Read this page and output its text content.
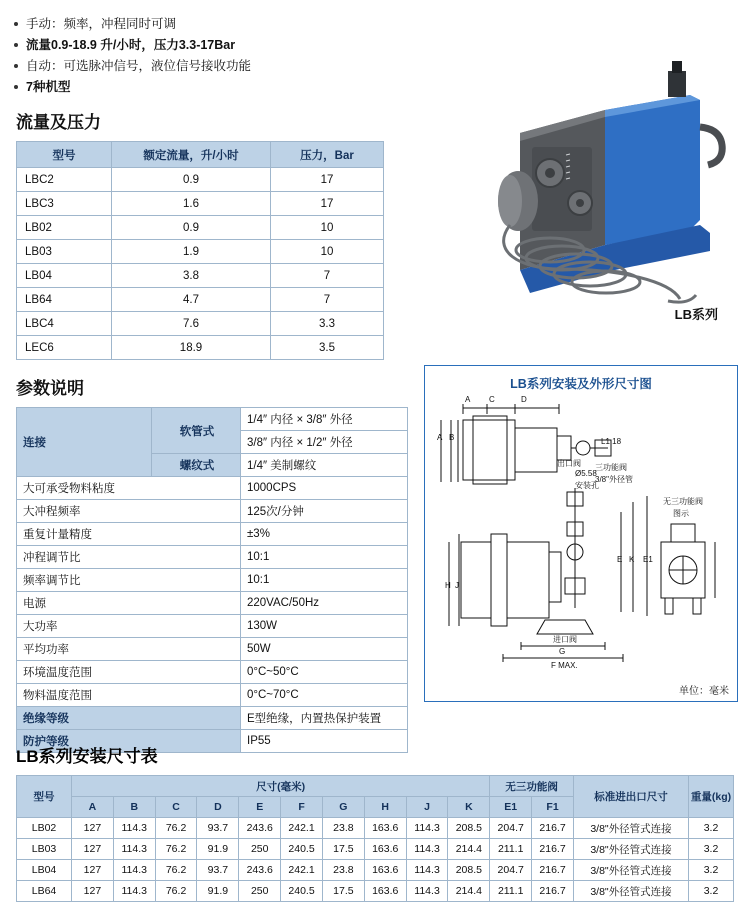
手动：频率，冲程同时可调
流量0.9-18.9 升/小时，压力3.3-17Bar
自动：可选脉冲信号，液位信号接收功能
7种机型
流量及压力
型号	额定流量，升/小时	压力，Bar
LBC2	0.9	17
LBC3	1.6	17
LB02	0.9	10
LB03	1.9	10
LB04	3.8	7
LB64	4.7	7
LBC4	7.6	3.3
LEC6	18.9	3.5
参数说明
连接	软管式	1/4″ 内径 × 3/8″ 外径
		3/8″ 内径 × 1/2″ 外径
	螺纹式	1/4″ 美制螺纹
大可承受物料粘度		1000CPS
大冲程频率		125次/分钟
重复计量精度		±3%
冲程调节比		10:1
频率调节比		10:1
电源		220VAC/50Hz
大功率		130W
平均功率		50W
环境温度范围		0°C~50°C
物料温度范围		0°C~70°C
绝缘等级		E型绝缘，内置热保护装置
防护等级		IP55
LB系列
LB系列安装及外形尺寸图
A B
A C	D
L1.18
Ø5.58
安装孔
三功能阀
3/8"外径管
出口阀
无三功能阀
图示
H J
E K E1
进口阀
G
F MAX.
单位：毫米
LB系列安装尺寸表
型号	尺寸(毫米)										无三功能阀		标准进出口尺寸	重量(kg)
	A	B	C	D	E	F	G	H	J	K	E1	F1		
LB02	127	114.3	76.2	93.7	243.6	242.1	23.8	163.6	114.3	208.5	204.7	216.7	3/8"外径管式连接	3.2
LB03	127	114.3	76.2	91.9	250	240.5	17.5	163.6	114.3	214.4	211.1	216.7	3/8"外径管式连接	3.2
LB04	127	114.3	76.2	93.7	243.6	242.1	23.8	163.6	114.3	208.5	204.7	216.7	3/8"外径管式连接	3.2
LB64	127	114.3	76.2	91.9	250	240.5	17.5	163.6	114.3	214.4	211.1	216.7	3/8"外径管式连接	3.2
